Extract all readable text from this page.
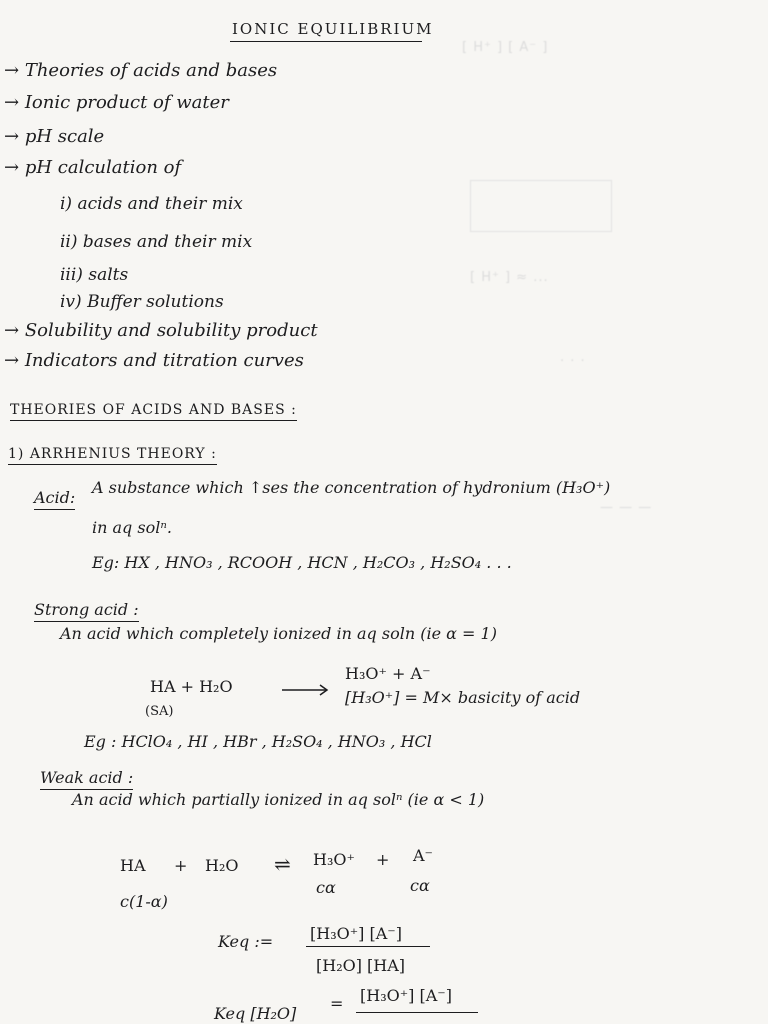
[ H⁺ ] [ A⁻ ]
[ H⁺ ] ≈ ...
. . .
— — —
IONIC EQUILIBRIUM
→ Theories of acids and bases
→ Ionic product of water
→ pH scale
→ pH calculation of
i) acids and their mix
ii) bases and their mix
iii) salts
iv) Buffer solutions
→ Solubility and solubility product
→ Indicators and titration curves
THEORIES OF ACIDS AND BASES :
1) ARRHENIUS THEORY :
Acid:
A substance which ↑ses the concentration of hydronium (H₃O⁺)
in aq solⁿ.
Eg: HX , HNO₃ , RCOOH , HCN , H₂CO₃ , H₂SO₄ . . .
Strong acid :
An acid which completely ionized in aq soln (ie α = 1)
HA + H₂O
H₃O⁺ + A⁻
(SA)
[H₃O⁺] = M× basicity of acid
Eg : HClO₄ , HI , HBr , H₂SO₄ , HNO₃ , HCl
Weak acid :
An acid which partially ionized in aq solⁿ (ie α < 1)
HA + H₂O ⇌ H₃O⁺ + A⁻
c(1-α)
cα	cα
Keq := [H₃O⁺] [A⁻]
[H₂O] [HA]
Keq [H₂O]
= [H₃O⁺] [A⁻]
